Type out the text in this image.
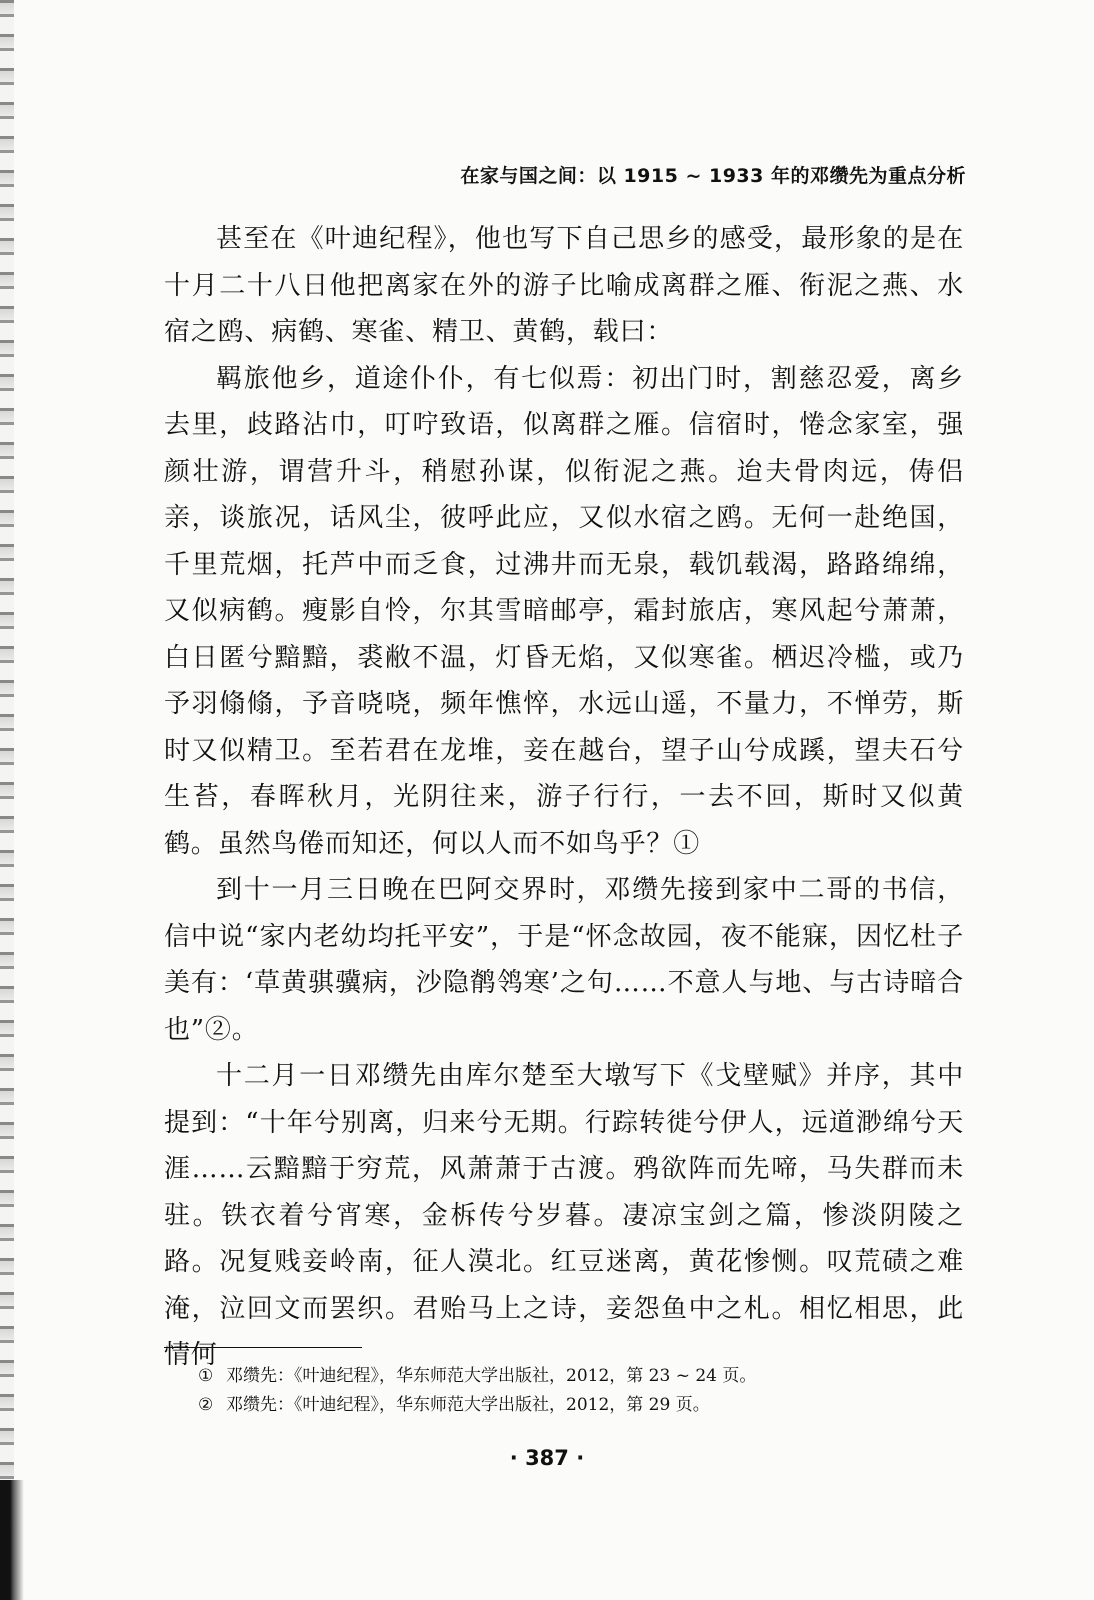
在家与国之间：以 1915 ~ 1933 年的邓缵先为重点分析

甚至在《叶迪纪程》，他也写下自己思乡的感受，最形象的是在十月二十八日他把离家在外的游子比喻成离群之雁、衔泥之燕、水宿之鸥、病鹤、寒雀、精卫、黄鹤，载曰：

羁旅他乡，道途仆仆，有七似焉：初出门时，割慈忍爱，离乡去里，歧路沾巾，叮咛致语，似离群之雁。信宿时，惓念家室，强颜壮游，谓营升斗，稍慰孙谋，似衔泥之燕。迨夫骨肉远，俦侣亲，谈旅况，话风尘，彼呼此应，又似水宿之鸥。无何一赴绝国，千里荒烟，托芦中而乏食，过沸井而无泉，载饥载渴，路路绵绵，又似病鹤。瘦影自怜，尔其雪暗邮亭，霜封旅店，寒风起兮萧萧，白日匿兮黯黯，裘敝不温，灯昏无焰，又似寒雀。栖迟冷槛，或乃予羽翛翛，予音哓哓，频年憔悴，水远山遥，不量力，不惮劳，斯时又似精卫。至若君在龙堆，妾在越台，望子山兮成蹊，望夫石兮生苔，春晖秋月，光阴往来，游子行行，一去不回，斯时又似黄鹤。虽然鸟倦而知还，何以人而不如鸟乎？①

到十一月三日晚在巴阿交界时，邓缵先接到家中二哥的书信，信中说“家内老幼均托平安”，于是“怀念故园，夜不能寐，因忆杜子美有：‘草黄骐骥病，沙隐鹡鸰寒’之句……不意人与地、与古诗暗合也”②。

十二月一日邓缵先由库尔楚至大墩写下《戈壁赋》并序，其中提到：“十年兮别离，归来兮无期。行踪转徙兮伊人，远道渺绵兮天涯……云黯黯于穷荒，风萧萧于古渡。鸦欲阵而先啼，马失群而未驻。铁衣着兮宵寒，金柝传兮岁暮。凄凉宝剑之篇，惨淡阴陵之路。况复贱妾岭南，征人漠北。红豆迷离，黄花惨恻。叹荒碛之难淹，泣回文而罢织。君贻马上之诗，妾怨鱼中之札。相忆相思，此情何

① 邓缵先：《叶迪纪程》，华东师范大学出版社，2012，第 23 ~ 24 页。
② 邓缵先：《叶迪纪程》，华东师范大学出版社，2012，第 29 页。
· 387 ·
